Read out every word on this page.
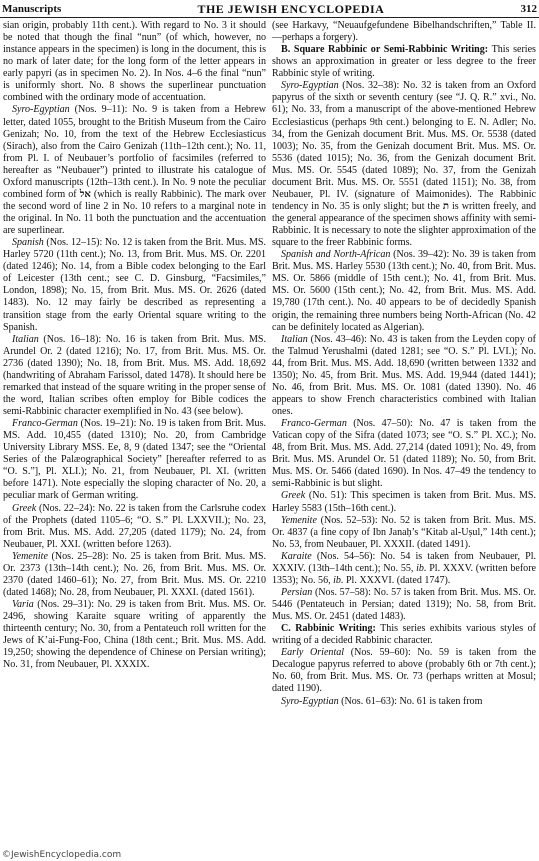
Manuscripts	THE JEWISH ENCYCLOPEDIA	312

sian origin, probably 11th cent.). With regard to No. 3 it should be noted that though the final “nun” (of which, however, no instance appears in the specimen) is long in the document, this is no mark of later date; for the long form of the letter appears in early papyri (as in specimen No. 2). In Nos. 4–6 the final “nun” is uniformly short. No. 8 shows the superlinear punctuation combined with the ordinary mode of accentuation.

Syro-Egyptian (Nos. 9–11): No. 9 is taken from a Hebrew letter, dated 1055, brought to the British Museum from the Cairo Genizah; No. 10, from the text of the Hebrew Ecclesiasticus (Sirach), also from the Cairo Genizah (11th–12th cent.); No. 11, from Pl. I. of Neubauer’s portfolio of facsimiles (referred to hereafter as “Neubauer”) printed to illustrate his catalogue of Oxford manuscripts (12th–13th cent.). In No. 9 note the peculiar combined form of אל (which is really Rabbinic). The mark over the second word of line 2 in No. 10 refers to a marginal note in the original. In No. 11 both the punctuation and the accentuation are superlinear.

Spanish (Nos. 12–15): No. 12 is taken from the Brit. Mus. MS. Harley 5720 (11th cent.); No. 13, from Brit. Mus. MS. Or. 2201 (dated 1246); No. 14, from a Bible codex belonging to the Earl of Leicester (13th cent.; see C. D. Ginsburg, “Facsimiles,” London, 1898); No. 15, from Brit. Mus. MS. Or. 2626 (dated 1483). No. 12 may fairly be described as representing a transition stage from the early Oriental square writing to the Spanish.

Italian (Nos. 16–18): No. 16 is taken from Brit. Mus. MS. Arundel Or. 2 (dated 1216); No. 17, from Brit. Mus. MS. Or. 2736 (dated 1390); No. 18, from Brit. Mus. MS. Add. 18,692 (handwriting of Abraham Farissol, dated 1478). It should here be remarked that instead of the square writing in the proper sense of the word, Italian scribes often employ for Bible codices the semi-Rabbinic character exemplified in No. 43 (see below).

Franco-German (Nos. 19–21): No. 19 is taken from Brit. Mus. MS. Add. 10,455 (dated 1310); No. 20, from Cambridge University Library MSS. Ee, 8, 9 (dated 1347; see the “Oriental Series of the Palæographical Society” [hereafter referred to as “O. S.”], Pl. XLI.); No. 21, from Neubauer, Pl. XI. (written before 1471). Note especially the sloping character of No. 20, a peculiar mark of German writing.

Greek (Nos. 22–24): No. 22 is taken from the Carlsruhe codex of the Prophets (dated 1105–6; “O. S.” Pl. LXXVII.); No. 23, from Brit. Mus. MS. Add. 27,205 (dated 1179); No. 24, from Neubauer, Pl. XXI. (written before 1263).

Yemenite (Nos. 25–28): No. 25 is taken from Brit. Mus. MS. Or. 2373 (13th–14th cent.); No. 26, from Brit. Mus. MS. Or. 2370 (dated 1460–61); No. 27, from Brit. Mus. MS. Or. 2210 (dated 1468); No. 28, from Neubauer, Pl. XXXI. (dated 1561).

Varia (Nos. 29–31): No. 29 is taken from Brit. Mus. MS. Or. 2496, showing Karaite square writing of apparently the thirteenth century; No. 30, from a Pentateuch roll written for the Jews of K’ai-Fung-Foo, China (18th cent.; Brit. Mus. MS. Add. 19,250; showing the dependence of Chinese on Persian writing); No. 31, from Neubauer, Pl. XXXIX.

(see Harkavy, “Neuaufgefundene Bibelhandschriften,” Table II.—perhaps a forgery).

B. Square Rabbinic or Semi-Rabbinic Writing: This series shows an approximation in greater or less degree to the freer Rabbinic style of writing.

Syro-Egyptian (Nos. 32–38): No. 32 is taken from an Oxford papyrus of the sixth or seventh century (see “J. Q. R.” xvi., No. 61); No. 33, from a manuscript of the above-mentioned Hebrew Ecclesiasticus (perhaps 9th cent.) belonging to E. N. Adler; No. 34, from the Genizah document Brit. Mus. MS. Or. 5538 (dated 1003); No. 35, from the Genizah document Brit. Mus. MS. Or. 5536 (dated 1015); No. 36, from the Genizah document Brit. Mus. MS. Or. 5545 (dated 1089); No. 37, from the Genizah document Brit. Mus. MS. Or. 5551 (dated 1151); No. 38, from Neubauer, Pl. IV. (signature of Maimonides). The Rabbinic tendency in No. 35 is only slight; but the ת is written freely, and the general appearance of the specimen shows affinity with semi-Rabbinic. It is necessary to note the slighter approximation of the square to the freer Rabbinic forms.

Spanish and North-African (Nos. 39–42): No. 39 is taken from Brit. Mus. MS. Harley 5530 (13th cent.); No. 40, from Brit. Mus. MS. Or. 5866 (middle of 15th cent.); No. 41, from Brit. Mus. MS. Or. 5600 (15th cent.); No. 42, from Brit. Mus. MS. Add. 19,780 (17th cent.). No. 40 appears to be of decidedly Spanish origin, the remaining three numbers being North-African (No. 42 can be definitely located as Algerian).

Italian (Nos. 43–46): No. 43 is taken from the Leyden copy of the Talmud Yerushalmi (dated 1281; see “O. S.” Pl. LVI.); No. 44, from Brit. Mus. MS. Add. 18,690 (written between 1332 and 1350); No. 45, from Brit. Mus. MS. Add. 19,944 (dated 1441); No. 46, from Brit. Mus. MS. Or. 1081 (dated 1390). No. 46 appears to show French characteristics combined with Italian ones.

Franco-German (Nos. 47–50): No. 47 is taken from the Vatican copy of the Sifra (dated 1073; see “O. S.” Pl. XC.); No. 48, from Brit. Mus. MS. Add. 27,214 (dated 1091); No. 49, from Brit. Mus. MS. Arundel Or. 51 (dated 1189); No. 50, from Brit. Mus. MS. Or. 5466 (dated 1690). In Nos. 47–49 the tendency to semi-Rabbinic is but slight.

Greek (No. 51): This specimen is taken from Brit. Mus. MS. Harley 5583 (15th–16th cent.).

Yemenite (Nos. 52–53): No. 52 is taken from Brit. Mus. MS. Or. 4837 (a fine copy of Ibn Janaḥ’s “Kitab al-Uṣul,” 14th cent.); No. 53, from Neubauer, Pl. XXXII. (dated 1491).

Karaite (Nos. 54–56): No. 54 is taken from Neubauer, Pl. XXXIV. (13th–14th cent.); No. 55, ib. Pl. XXXV. (written before 1353); No. 56, ib. Pl. XXXVI. (dated 1747).

Persian (Nos. 57–58): No. 57 is taken from Brit. Mus. MS. Or. 5446 (Pentateuch in Persian; dated 1319); No. 58, from Brit. Mus. MS. Or. 2451 (dated 1483).

C. Rabbinic Writing: This series exhibits various styles of writing of a decided Rabbinic character.

Early Oriental (Nos. 59–60): No. 59 is taken from the Decalogue papyrus referred to above (probably 6th or 7th cent.); No. 60, from Brit. Mus. MS. Or. 73 (perhaps written at Mosul; dated 1190).

Syro-Egyptian (Nos. 61–63): No. 61 is taken from

©JewishEncyclopedia.com
